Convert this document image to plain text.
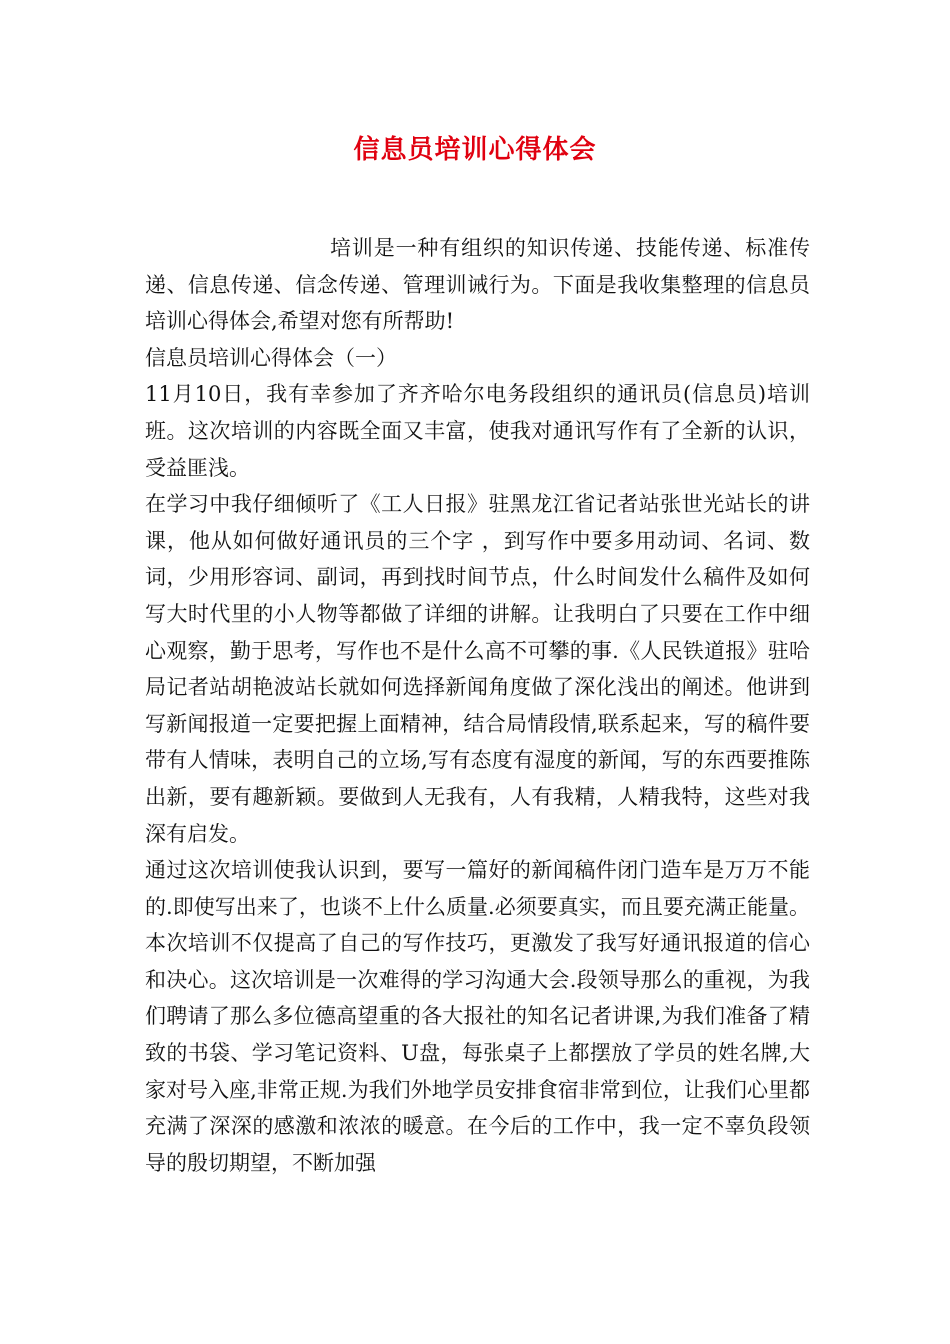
信息员培训心得体会

培训是一种有组织的知识传递、技能传递、标准传递、信息传递、信念传递、管理训诫行为。下面是我收集整理的信息员培训心得体会,希望对您有所帮助!

信息员培训心得体会（一）

11月10日，我有幸参加了齐齐哈尔电务段组织的通讯员(信息员)培训班。这次培训的内容既全面又丰富，使我对通讯写作有了全新的认识，受益匪浅。

在学习中我仔细倾听了《工人日报》驻黑龙江省记者站张世光站长的讲课，他从如何做好通讯员的三个字 ，到写作中要多用动词、名词、数词，少用形容词、副词，再到找时间节点，什么时间发什么稿件及如何写大时代里的小人物等都做了详细的讲解。让我明白了只要在工作中细心观察，勤于思考，写作也不是什么高不可攀的事.《人民铁道报》驻哈局记者站胡艳波站长就如何选择新闻角度做了深化浅出的阐述。他讲到写新闻报道一定要把握上面精神，结合局情段情,联系起来，写的稿件要带有人情味，表明自己的立场,写有态度有湿度的新闻，写的东西要推陈出新，要有趣新颖。要做到人无我有，人有我精，人精我特，这些对我深有启发。

通过这次培训使我认识到，要写一篇好的新闻稿件闭门造车是万万不能的.即使写出来了，也谈不上什么质量.必须要真实，而且要充满正能量。本次培训不仅提高了自己的写作技巧，更激发了我写好通讯报道的信心和决心。这次培训是一次难得的学习沟通大会.段领导那么的重视，为我们聘请了那么多位德高望重的各大报社的知名记者讲课,为我们准备了精致的书袋、学习笔记资料、U盘，每张桌子上都摆放了学员的姓名牌,大家对号入座,非常正规.为我们外地学员安排食宿非常到位，让我们心里都充满了深深的感激和浓浓的暖意。在今后的工作中，我一定不辜负段领导的殷切期望，不断加强
